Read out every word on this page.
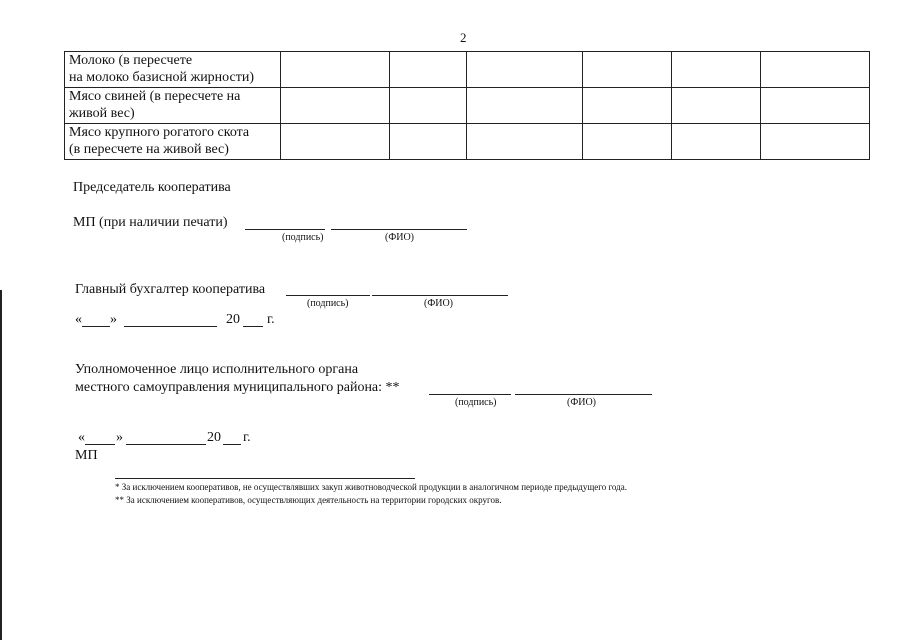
2
Молоко (в пересчете
на молоко базисной жирности)						

Мясо свиней (в пересчете на
живой вес)						

Мясо крупного рогатого скота
(в пересчете на живой вес)						

Председатель кооператива
МП (при наличии печати)
(подпись)	(ФИО)
Главный бухгалтер кооператива
(подпись)	(ФИО)
« »	20 г.
Уполномоченное лицо исполнительного органа
местного самоуправления муниципального района: **
(подпись)	(ФИО)
« »	20 г.
МП
* За исключением кооперативов, не осуществлявших закуп животноводческой продукции в аналогичном периоде предыдущего года.
** За исключением кооперативов, осуществляющих деятельность на территории городских округов.
